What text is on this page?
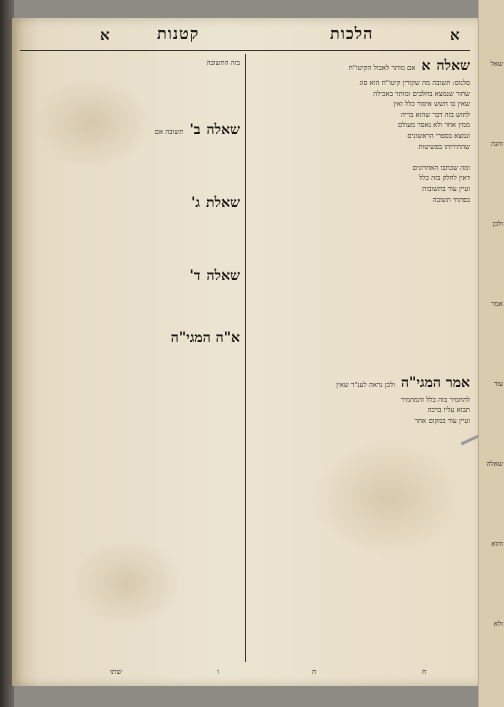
שאל
והנה
ולכן
אמר
עוד
שאלה
והוא
ולא
א	קטנות	הלכות	א
בזה התשובה
שאלה
ב'
תשובה אם
שאלת
ג'
שאלה
ד'
א"ה המגי"ה
שאלה
א
אם מותר לאכול הקיטו"ח
סלנוס: תשובה מה שקורין קיטו"ח הוא סוג
שחור שנמצא בחלבים ומותר באכילה
שאין בו חשש איסור כלל ואין
לחוש בזה דבר שהוא בריה
ממין אחר ולא נאסר מעולם
ונמצא בספרי הראשונים
שהתירוהו בפשיטות
ומה שכתבו האחרונים
דאין לחלק בזה כלל
ועיין עוד בתשובות
בפתחי תשובה
אמר המגי"ה
ולכן נראה לענ"ד שאין
להחמיר בזה כלל והמחמיר
תבוא עליו ברכה
ועיין עוד במקום אחר
שתו	ו	ח	ח
